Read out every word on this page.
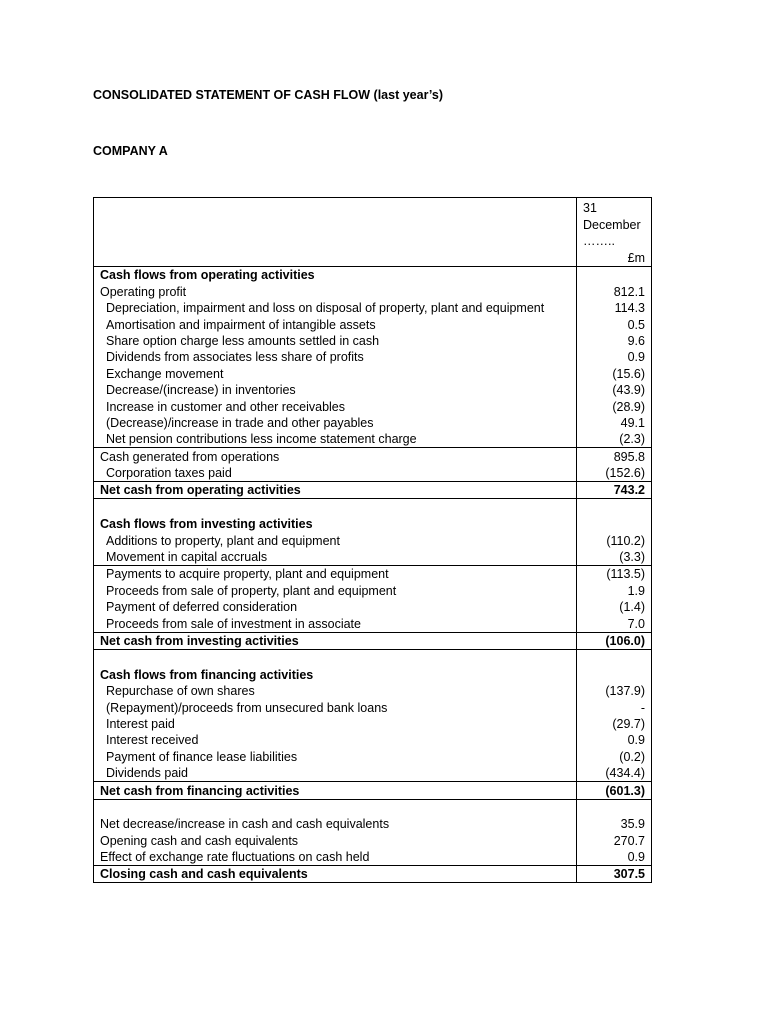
CONSOLIDATED STATEMENT OF CASH FLOW (last year’s)
COMPANY A

	31
December
……..
£m

Cash flows from operating activities	
Operating profit	812.1
Depreciation, impairment and loss on disposal of property, plant and equipment	114.3
Amortisation and impairment of intangible assets	0.5
Share option charge less amounts settled in cash	9.6
Dividends from associates less share of profits	0.9
Exchange movement	(15.6)
Decrease/(increase) in inventories	(43.9)
Increase in customer and other receivables	(28.9)
(Decrease)/increase in trade and other payables	49.1
Net pension contributions less income statement charge	(2.3)
Cash generated from operations	895.8
Corporation taxes paid	(152.6)
Net cash from operating activities	743.2

Cash flows from investing activities	
Additions to property, plant and equipment	(110.2)
Movement in capital accruals	(3.3)
Payments to acquire property, plant and equipment	(113.5)
Proceeds from sale of property, plant and equipment	1.9
Payment of deferred consideration	(1.4)
Proceeds from sale of investment in associate	7.0
Net cash from investing activities	(106.0)

Cash flows from financing activities	
Repurchase of own shares	(137.9)
(Repayment)/proceeds from unsecured bank loans	-
Interest paid	(29.7)
Interest received	0.9
Payment of finance lease liabilities	(0.2)
Dividends paid	(434.4)
Net cash from financing activities	(601.3)

Net decrease/increase in cash and cash equivalents	35.9
Opening cash and cash equivalents	270.7
Effect of exchange rate fluctuations on cash held	0.9
Closing cash and cash equivalents	307.5
